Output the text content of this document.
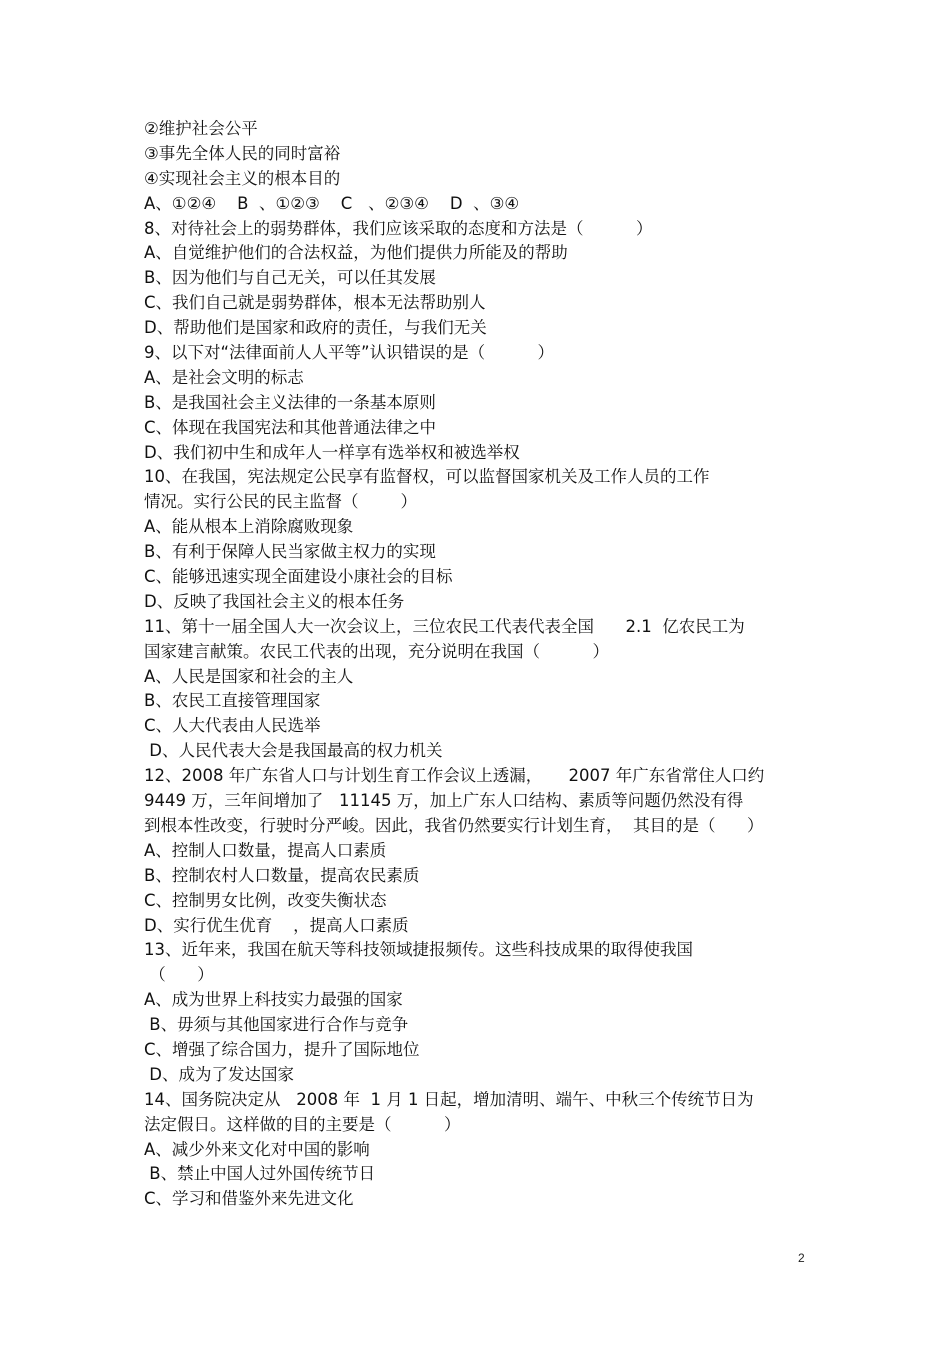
②维护社会公平
③事先全体人民的同时富裕
④实现社会主义的根本目的
A、①②④    B  、①②③    C   、②③④    D  、③④
8、对待社会上的弱势群体，我们应该采取的态度和方法是（          ）
A、自觉维护他们的合法权益，为他们提供力所能及的帮助
B、因为他们与自己无关，可以任其发展
C、我们自己就是弱势群体，根本无法帮助别人
D、帮助他们是国家和政府的责任，与我们无关
9、以下对“法律面前人人平等”认识错误的是（          ）
A、是社会文明的标志
B、是我国社会主义法律的一条基本原则
C、体现在我国宪法和其他普通法律之中
D、我们初中生和成年人一样享有选举权和被选举权
10、在我国，宪法规定公民享有监督权，可以监督国家机关及工作人员的工作
情况。实行公民的民主监督（        ）
A、能从根本上消除腐败现象
B、有利于保障人民当家做主权力的实现
C、能够迅速实现全面建设小康社会的目标
D、反映了我国社会主义的根本任务
11、第十一届全国人大一次会议上，三位农民工代表代表全国      2.1  亿农民工为
国家建言献策。农民工代表的出现，充分说明在我国（          ）
A、人民是国家和社会的主人
B、农民工直接管理国家
C、人大代表由人民选举
D、人民代表大会是我国最高的权力机关
12、2008 年广东省人口与计划生育工作会议上透漏，     2007 年广东省常住人口约
9449 万，三年间增加了   11145 万，加上广东人口结构、素质等问题仍然没有得
到根本性改变，行驶时分严峻。因此，我省仍然要实行计划生育，  其目的是（      ）
A、控制人口数量，提高人口素质
B、控制农村人口数量，提高农民素质
C、控制男女比例，改变失衡状态
D、实行优生优育    ，提高人口素质
13、近年来，我国在航天等科技领域捷报频传。这些科技成果的取得使我国
（      ）
A、成为世界上科技实力最强的国家
B、毋须与其他国家进行合作与竞争
C、增强了综合国力，提升了国际地位
D、成为了发达国家
14、国务院决定从   2008 年  1 月 1 日起，增加清明、端午、中秋三个传统节日为
法定假日。这样做的目的主要是（          ）
A、减少外来文化对中国的影响
B、禁止中国人过外国传统节日
C、学习和借鉴外来先进文化
2
